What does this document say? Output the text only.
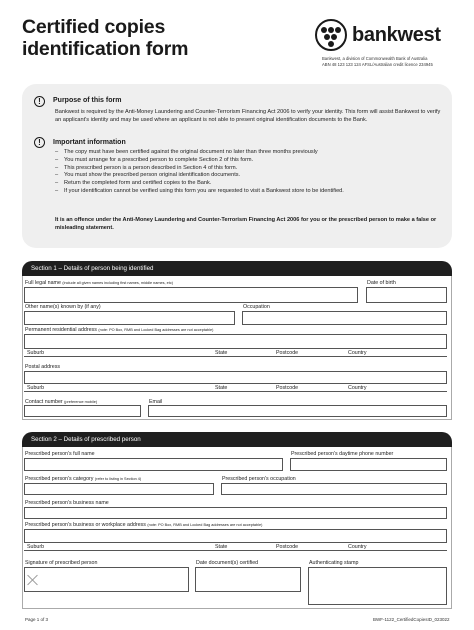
Certified copies
identification form
bankwest
Bankwest, a division of Commonwealth Bank of Australia
ABN 48 123 123 124 AFSL/Australian credit licence 234945
!	Purpose of this form
Bankwest is required by the Anti-Money Laundering and Counter-Terrorism Financing Act 2006 to verify your identity. This form will assist Bankwest to verify an applicant's identity and may be used where an applicant is not able to present original identification documents to the Bank.
!	Important information
– The copy must have been certified against the original document no later than three months previously
– You must arrange for a prescribed person to complete Section 2 of this form.
– This prescribed person is a person described in Section 4 of this form.
– You must show the prescribed person original identification documents.
– Return the completed form and certified copies to the Bank.
– If your identification cannot be verified using this form you are requested to visit a Bankwest store to be identified.
It is an offence under the Anti-Money Laundering and Counter-Terrorism Financing Act 2006 for you or the prescribed person to make a false or misleading statement.
Section 1 – Details of person being identified
Full legal name (include all given names including first names, middle names, etc)	Date of birth
Other name(s) known by (if any)	Occupation
Permanent residential address (note: PO Box, RMB and Locked Bag addresses are not acceptable)
Suburb	State	Postcode	Country
Postal address
Suburb	State	Postcode	Country
Contact number (preference mobile)	Email
Section 2 – Details of prescribed person
Prescribed person's full name	Prescribed person's daytime phone number
Prescribed person's category (refer to listing in Section 4)	Prescribed person's occupation
Prescribed person's business name
Prescribed person's business or workplace address (note: PO Box, RMB and Locked Bag addresses are not acceptable)
Suburb	State	Postcode	Country
Signature of prescribed person	Date document(s) certified	Authenticating stamp
Page 1 of 3	BWF-1122_CertifiedCopiesID_023022
